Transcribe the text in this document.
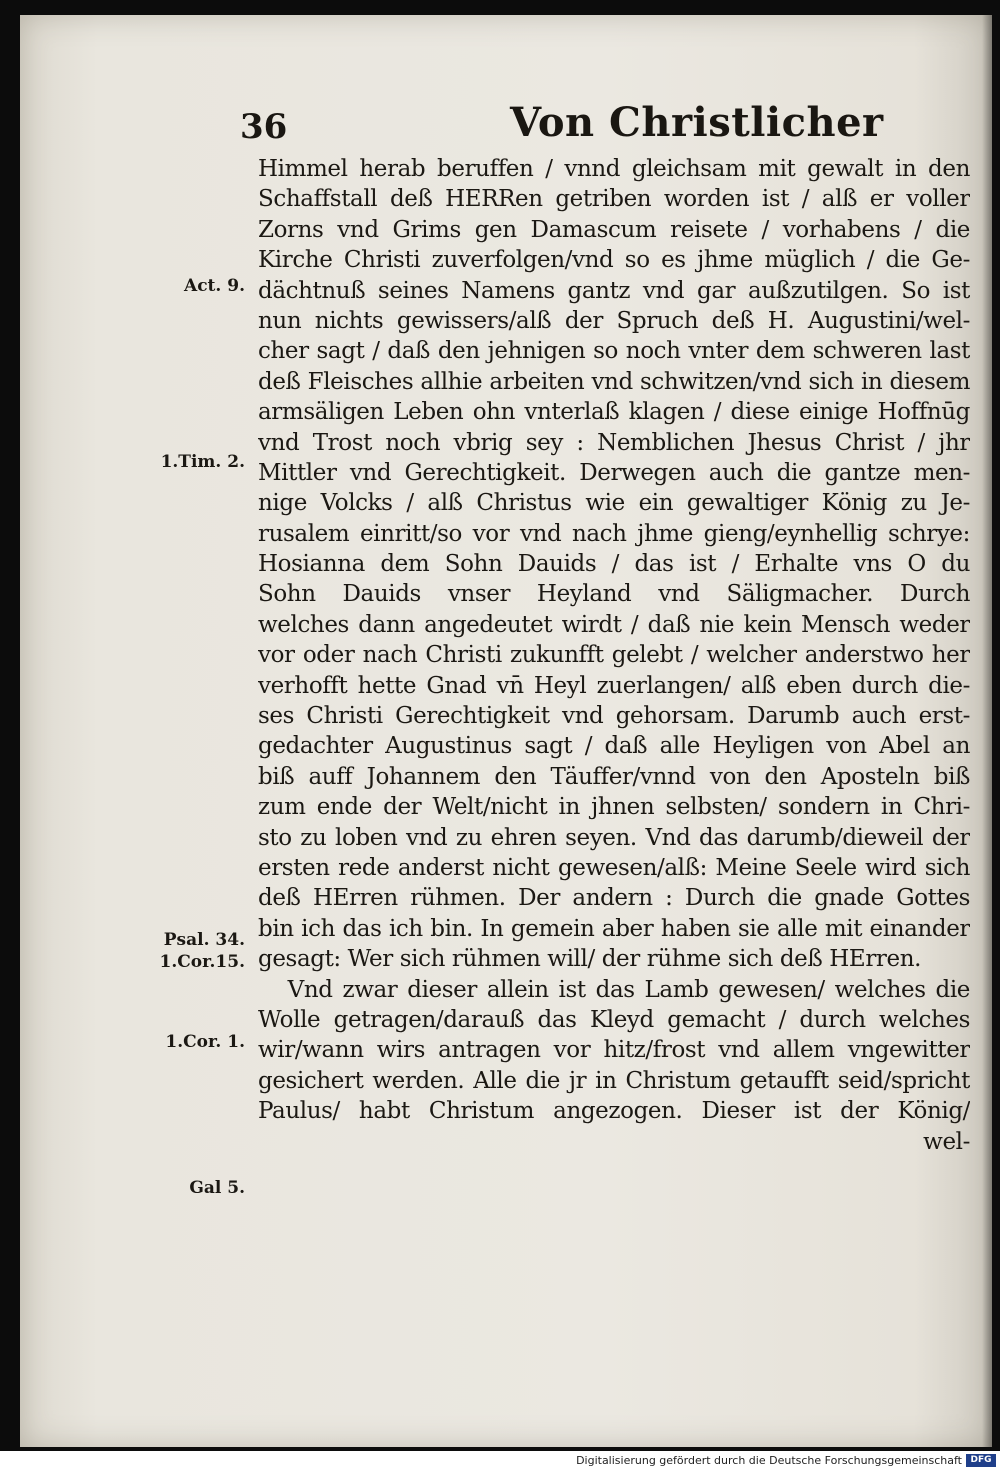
36	Von Christlicher
Himmel herab beruffen / vnnd gleichsam mit gewalt in den
Schaffstall deß HERRen getriben worden ist / alß er voller
Zorns vnd Grims gen Damascum reisete / vorhabens / die
Kirche Christi zuverfolgen/vnd so es jhme müglich / die Ge-
dächtnuß seines Namens gantz vnd gar außzutilgen. So ist
nun nichts gewissers/alß der Spruch deß H. Augustini/wel-
cher sagt / daß den jehnigen so noch vnter dem schweren last
deß Fleisches allhie arbeiten vnd schwitzen/vnd sich in diesem
armsäligen Leben ohn vnterlaß klagen / diese einige Hoffnūg
vnd Trost noch vbrig sey : Nemblichen Jhesus Christ / jhr
Mittler vnd Gerechtigkeit. Derwegen auch die gantze men-
nige Volcks / alß Christus wie ein gewaltiger König zu Je-
rusalem einritt/so vor vnd nach jhme gieng/eynhellig schrye:
Hosianna dem Sohn Dauids / das ist / Erhalte vns O du
Sohn Dauids vnser Heyland vnd Säligmacher. Durch
welches dann angedeutet wirdt / daß nie kein Mensch weder
vor oder nach Christi zukunfft gelebt / welcher anderstwo her
verhofft hette Gnad vn̄ Heyl zuerlangen/ alß eben durch die-
ses Christi Gerechtigkeit vnd gehorsam. Darumb auch erst-
gedachter Augustinus sagt / daß alle Heyligen von Abel an
biß auff Johannem den Täuffer/vnnd von den Aposteln biß
zum ende der Welt/nicht in jhnen selbsten/ sondern in Chri-
sto zu loben vnd zu ehren seyen. Vnd das darumb/dieweil der
ersten rede anderst nicht gewesen/alß: Meine Seele wird sich
deß HErren rühmen. Der andern : Durch die gnade Gottes
bin ich das ich bin. In gemein aber haben sie alle mit einander
gesagt: Wer sich rühmen will/ der rühme sich deß HErren.
Vnd zwar dieser allein ist das Lamb gewesen/ welches die
Wolle getragen/darauß das Kleyd gemacht / durch welches
wir/wann wirs antragen vor hitz/frost vnd allem vngewitter
gesichert werden. Alle die jr in Christum getaufft seid/spricht
Paulus/ habt Christum angezogen. Dieser ist der König/
wel-
Act. 9.
1.Tim. 2.
Psal. 34.
1.Cor.15.
1.Cor. 1.
Gal 5.
Digitalisierung gefördert durch die Deutsche Forschungsgemeinschaft DFG
